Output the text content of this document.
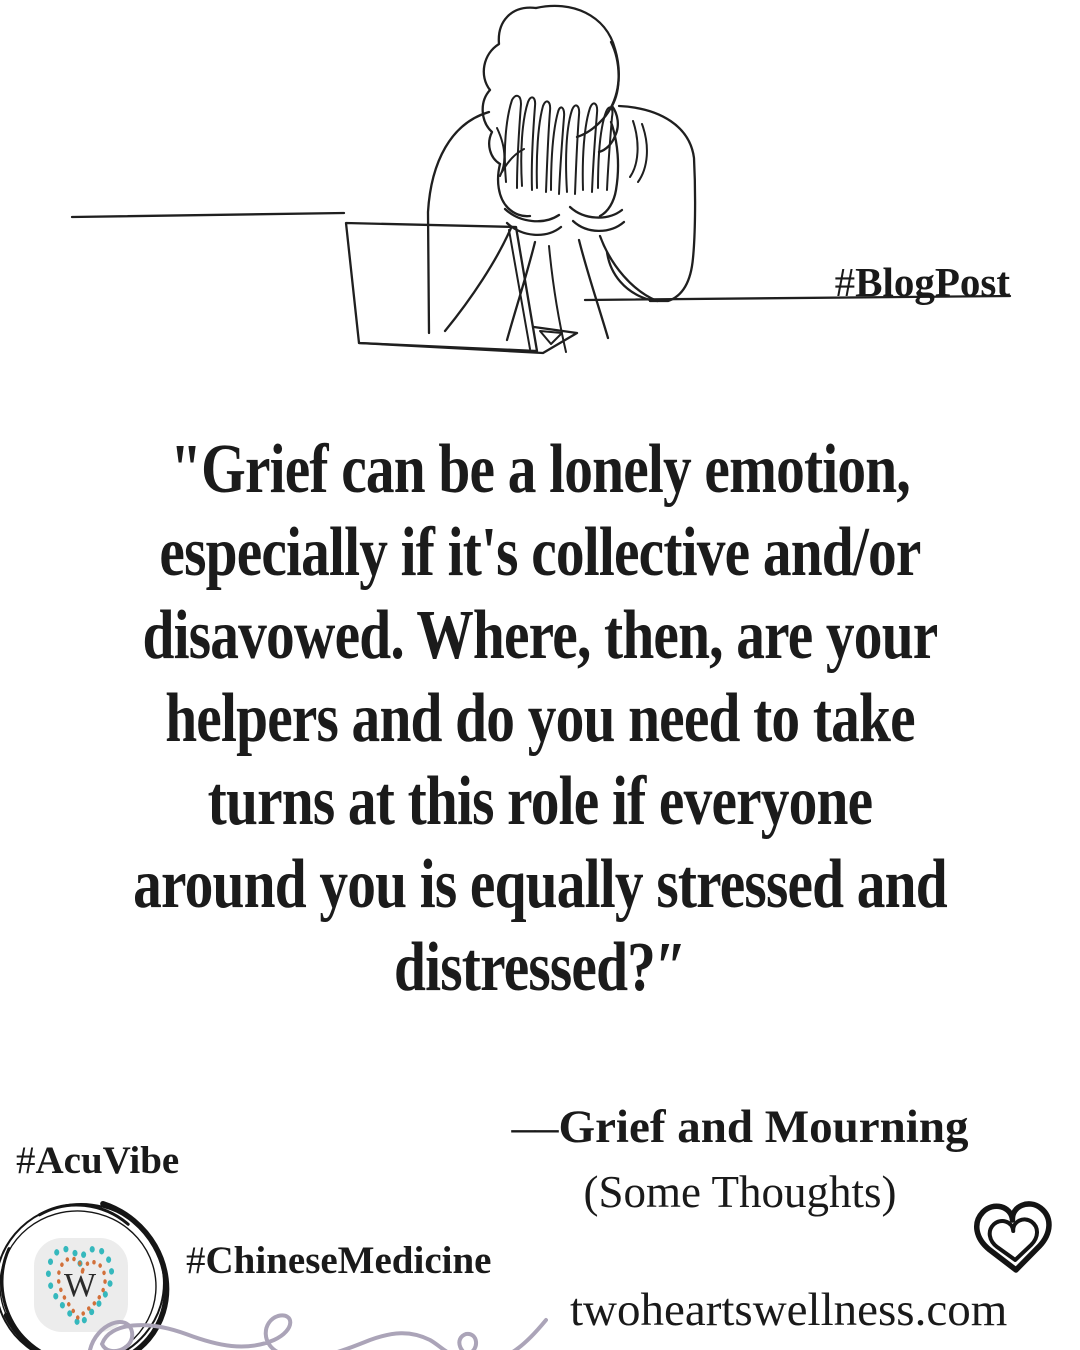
#BlogPost
"Grief can be a lonely emotion,
especially if it's collective and/or
disavowed. Where, then, are your
helpers and do you need to take
turns at this role if everyone
around you is equally stressed and
distressed?″
––Grief and Mourning
(Some Thoughts)
#AcuVibe
W
#ChineseMedicine
twoheartswellness.com
